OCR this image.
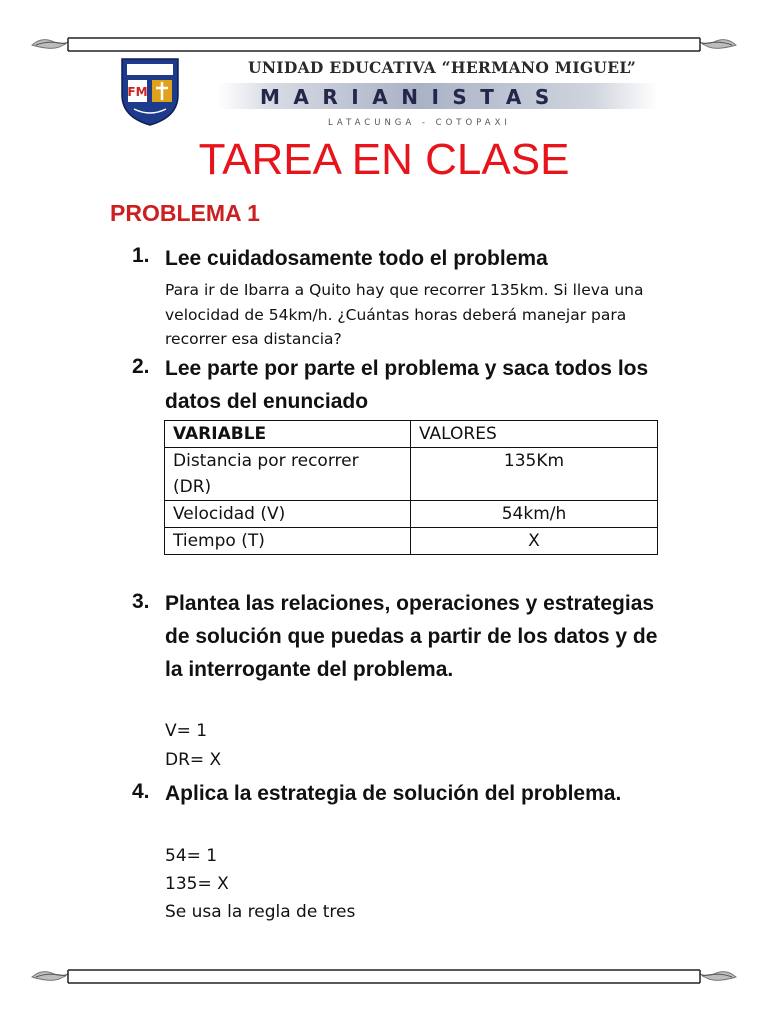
FM
UNIDAD EDUCATIVA “HERMANO MIGUEL”
MARIANISTAS
LATACUNGA - COTOPAXI
TAREA EN CLASE
PROBLEMA 1
1. Lee cuidadosamente todo el problema

Para ir de Ibarra a Quito hay que recorrer 135km. Si lleva una velocidad de 54km/h. ¿Cuántas horas deberá manejar para recorrer esa distancia?

2. Lee parte por parte el problema y saca todos los datos del enunciado

VARIABLE	VALORES
Distancia por recorrer (DR)	135Km
Velocidad (V)	54km/h
Tiempo (T)	X
3. Plantea las relaciones, operaciones y estrategias de solución que puedas a partir de los datos y de la interrogante del problema.

V= 1
DR= X
4. Aplica la estrategia de solución del problema.

54= 1
135= X
Se usa la regla de tres
